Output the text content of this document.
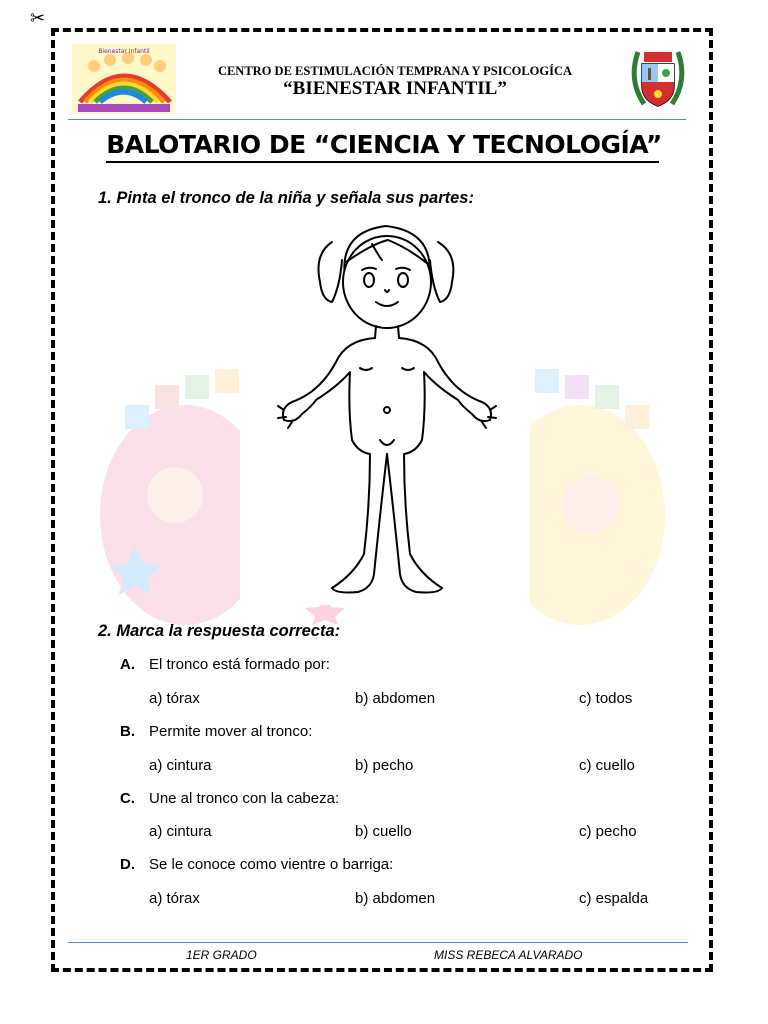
✂
Bienestar Infantil
CENTRO DE ESTIMULACIÓN TEMPRANA Y PSICOLOGÍCA
“BIENESTAR INFANTIL”
BALOTARIO DE “CIENCIA Y TECNOLOGÍA”
1. Pinta el tronco de la niña y señala sus partes:
2. Marca la respuesta correcta:
A. El tronco está formado por:
a) tórax	b) abdomen	c) todos
B. Permite mover al tronco:
a) cintura	b) pecho	c) cuello
C. Une al tronco con la cabeza:
a) cintura	b) cuello	c) pecho
D. Se le conoce como vientre o barriga:
a) tórax	b) abdomen	c) espalda
1ER GRADO	MISS REBECA ALVARADO
